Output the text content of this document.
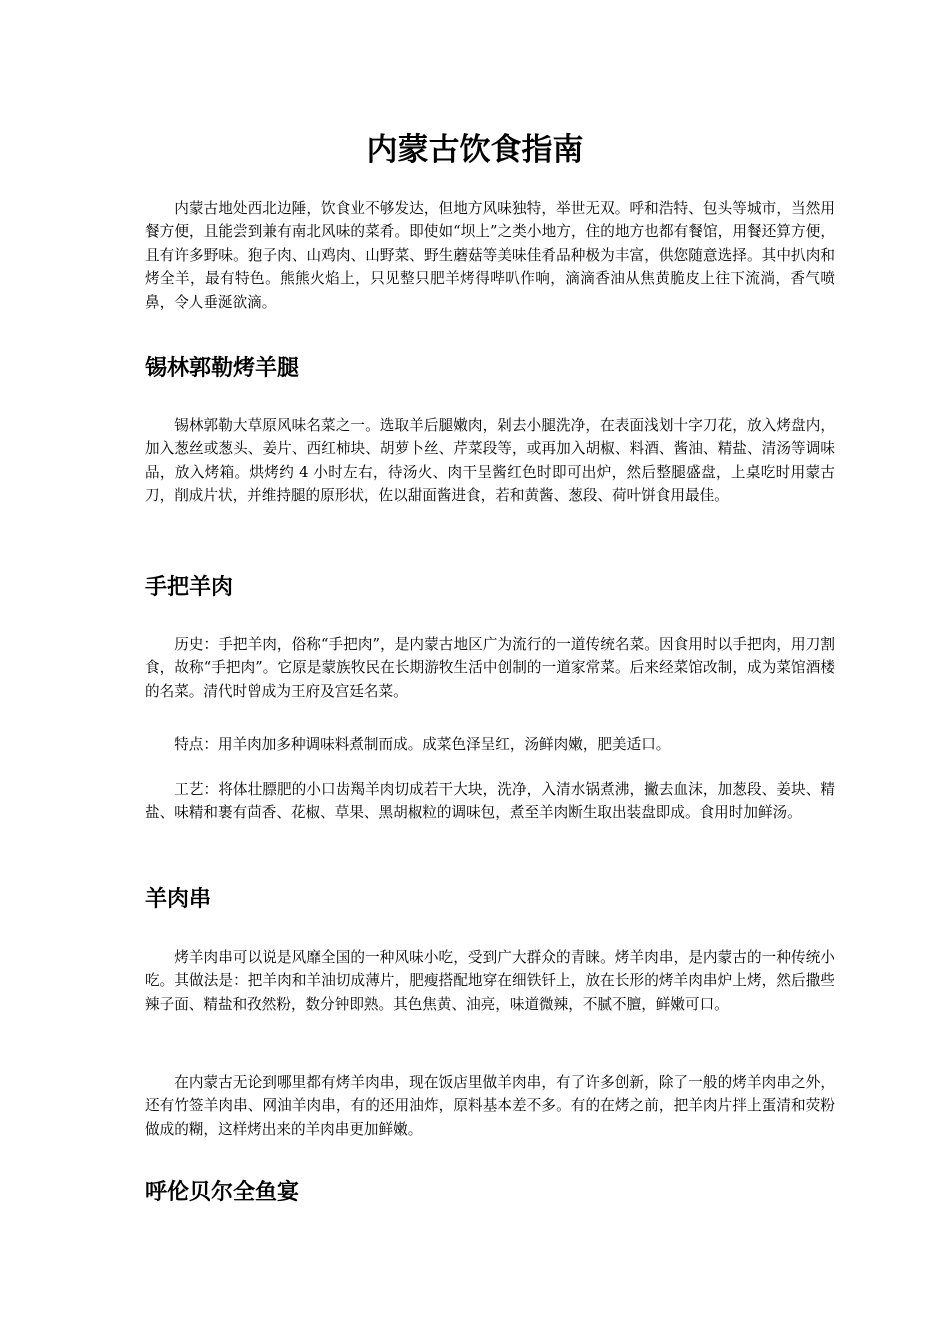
内蒙古饮食指南

内蒙古地处西北边陲，饮食业不够发达，但地方风味独特，举世无双。呼和浩特、包头等城市，当然用餐方便，且能尝到兼有南北风味的菜肴。即使如“坝上”之类小地方，住的地方也都有餐馆，用餐还算方便，且有许多野味。狍子肉、山鸡肉、山野菜、野生蘑菇等美味佳肴品种极为丰富，供您随意选择。其中扒肉和烤全羊，最有特色。熊熊火焰上，只见整只肥羊烤得哔叭作响，滴滴香油从焦黄脆皮上往下流淌，香气喷鼻，令人垂涎欲滴。

锡林郭勒烤羊腿

锡林郭勒大草原风味名菜之一。选取羊后腿嫩肉，剁去小腿洗净，在表面浅划十字刀花，放入烤盘内，加入葱丝或葱头、姜片、西红柿块、胡萝卜丝、芹菜段等，或再加入胡椒、料酒、酱油、精盐、清汤等调味品，放入烤箱。烘烤约 4 小时左右，待汤火、肉干呈酱红色时即可出炉，然后整腿盛盘，上桌吃时用蒙古刀，削成片状，并维持腿的原形状，佐以甜面酱进食，若和黄酱、葱段、荷叶饼食用最佳。

手把羊肉

历史：手把羊肉，俗称“手把肉”，是内蒙古地区广为流行的一道传统名菜。因食用时以手把肉，用刀割食，故称“手把肉”。它原是蒙族牧民在长期游牧生活中创制的一道家常菜。后来经菜馆改制，成为菜馆酒楼的名菜。清代时曾成为王府及宫廷名菜。

特点：用羊肉加多种调味料煮制而成。成菜色泽呈红，汤鲜肉嫩，肥美适口。

工艺：将体壮膘肥的小口齿羯羊肉切成若干大块，洗净，入清水锅煮沸，撇去血沫，加葱段、姜块、精盐、味精和裹有茴香、花椒、草果、黑胡椒粒的调味包，煮至羊肉断生取出装盘即成。食用时加鲜汤。

羊肉串

烤羊肉串可以说是风靡全国的一种风味小吃，受到广大群众的青睐。烤羊肉串，是内蒙古的一种传统小吃。其做法是：把羊肉和羊油切成薄片，肥瘦搭配地穿在细铁钎上，放在长形的烤羊肉串炉上烤，然后撒些辣子面、精盐和孜然粉，数分钟即熟。其色焦黄、油亮，味道微辣，不腻不膻，鲜嫩可口。

在内蒙古无论到哪里都有烤羊肉串，现在饭店里做羊肉串，有了许多创新，除了一般的烤羊肉串之外，还有竹签羊肉串、网油羊肉串，有的还用油炸，原料基本差不多。有的在烤之前，把羊肉片拌上蛋清和荧粉做成的糊，这样烤出来的羊肉串更加鲜嫩。

呼伦贝尔全鱼宴
